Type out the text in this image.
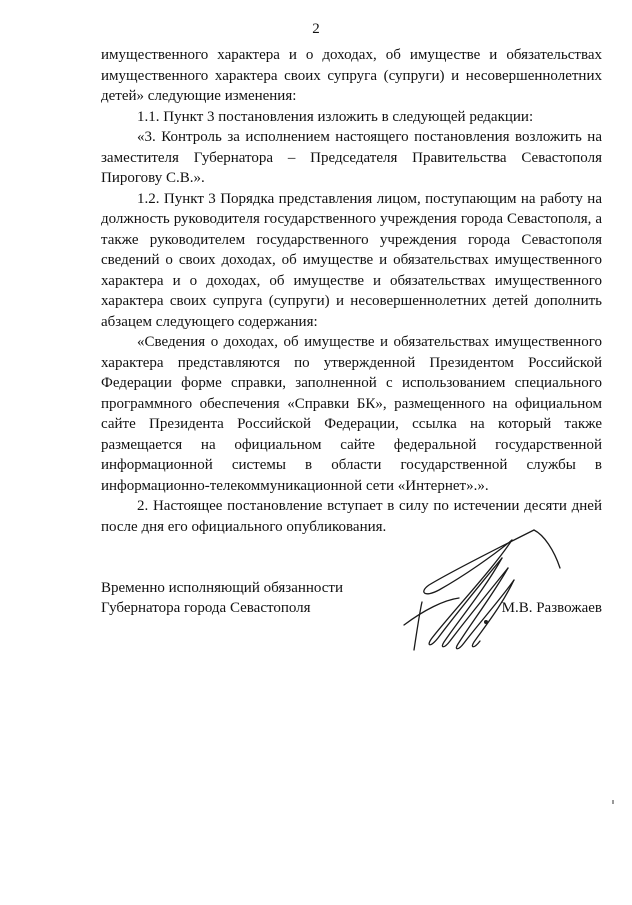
2

имущественного характера и о доходах, об имуществе и обязательствах имущественного характера своих супруга (супруги) и несовершеннолетних детей» следующие изменения:

1.1. Пункт 3 постановления изложить в следующей редакции:

«3. Контроль за исполнением настоящего постановления возложить на заместителя Губернатора – Председателя Правительства Севастополя Пирогову С.В.».

1.2. Пункт 3 Порядка представления лицом, поступающим на работу на должность руководителя государственного учреждения города Севастополя, а также руководителем государственного учреждения города Севастополя сведений о своих доходах, об имуществе и обязательствах имущественного характера и о доходах, об имуществе и обязательствах имущественного характера своих супруга (супруги) и несовершеннолетних детей дополнить абзацем следующего содержания:

«Сведения о доходах, об имуществе и обязательствах имущественного характера представляются по утвержденной Президентом Российской Федерации форме справки, заполненной с использованием специального программного обеспечения «Справки БК», размещенного на официальном сайте Президента Российской Федерации, ссылка на который также размещается на официальном сайте федеральной государственной информационной системы в области государственной службы в информационно-телекоммуникационной сети «Интернет».».

2. Настоящее постановление вступает в силу по истечении десяти дней после дня его официального опубликования.

Временно исполняющий обязанности
Губернатора города Севастополя	М.В. Развожаев
